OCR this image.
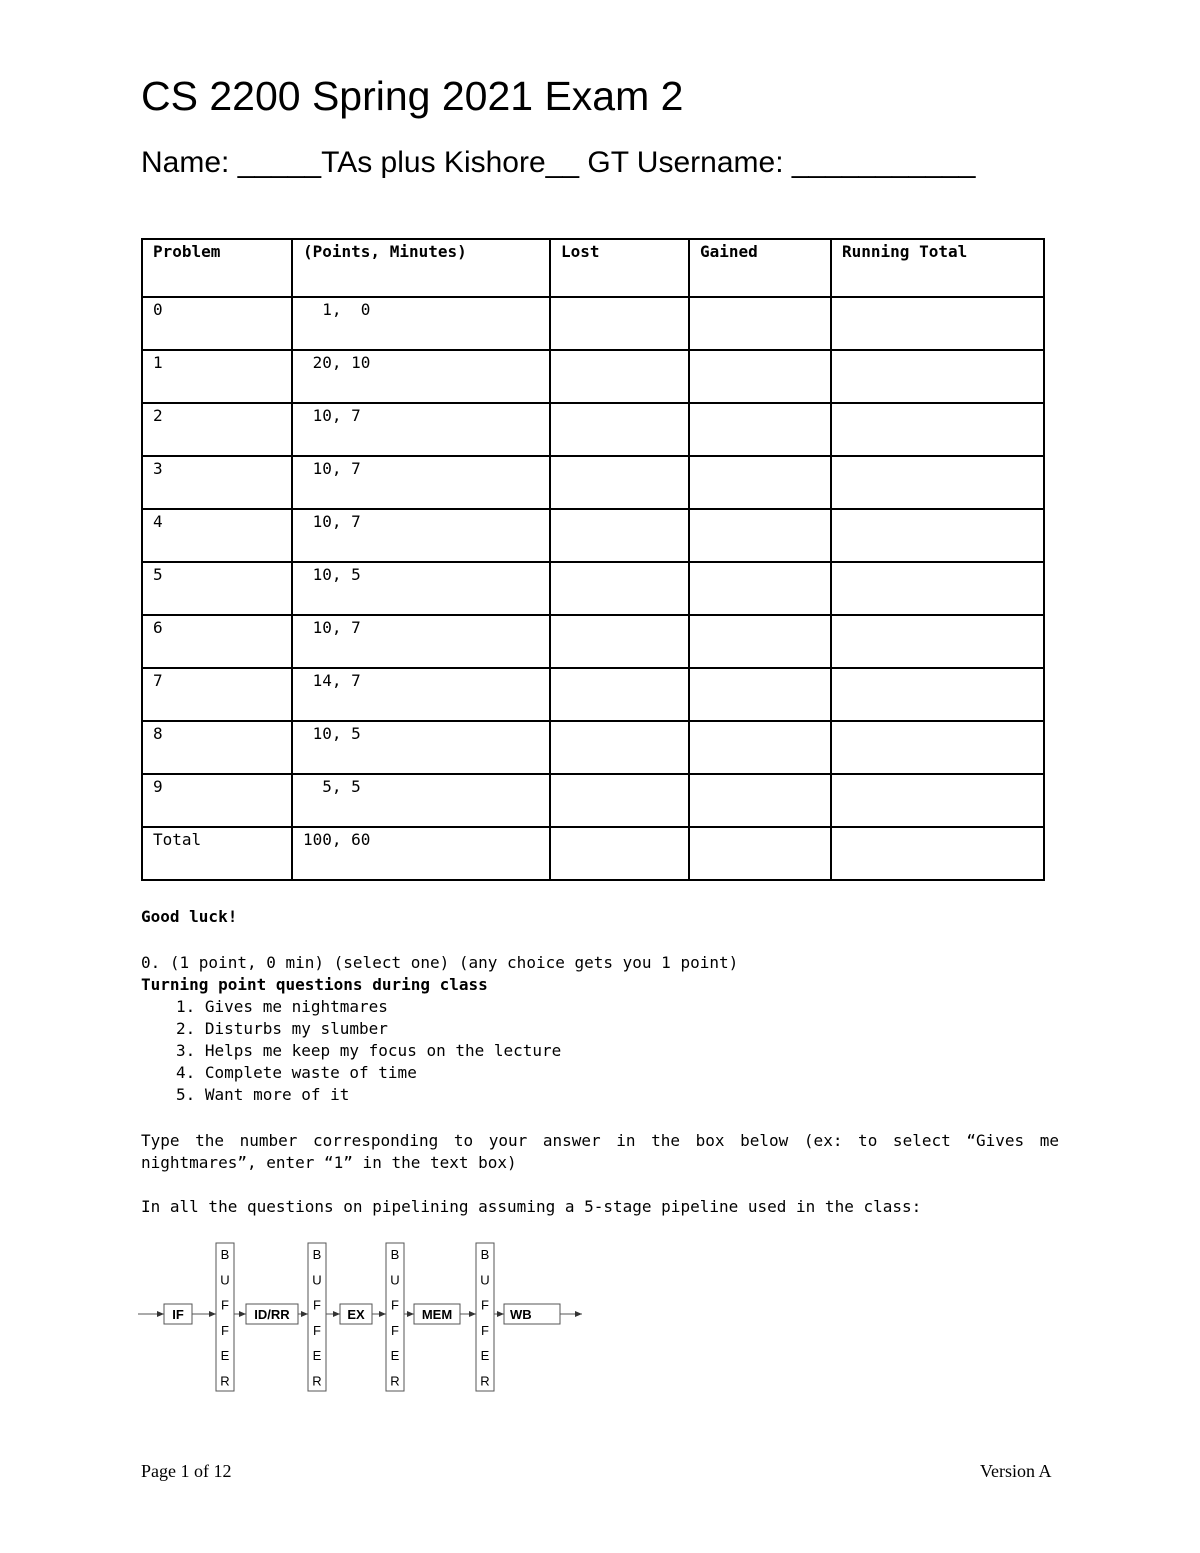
CS 2200 Spring 2021 Exam 2
Name: _____TAs plus Kishore__ GT Username: ___________
Problem	(Points, Minutes)	Lost	Gained	Running Total
0	1,  0			
1	20, 10			
2	10, 7			
3	10, 7			
4	10, 7			
5	10, 5			
6	10, 7			
7	14, 7			
8	10, 5			
9	5, 5			
Total	100, 60			
Good luck!
0. (1 point, 0 min) (select one) (any choice gets you 1 point)
Turning point questions during class
1. Gives me nightmares
2. Disturbs my slumber
3. Helps me keep my focus on the lecture
4. Complete waste of time
5. Want more of it
Type the number corresponding to your answer in the box below (ex: to select “Gives me nightmares”, enter “1” in the text box)
In all the questions on pipelining assuming a 5-stage pipeline used in the class:
IF	ID/RR	EX	MEM	WB
B
U
F
F
E
R
B
U
F
F
E
R
B
U
F
F
E
R
B
U
F
F
E
R
Page 1 of 12	Version A
